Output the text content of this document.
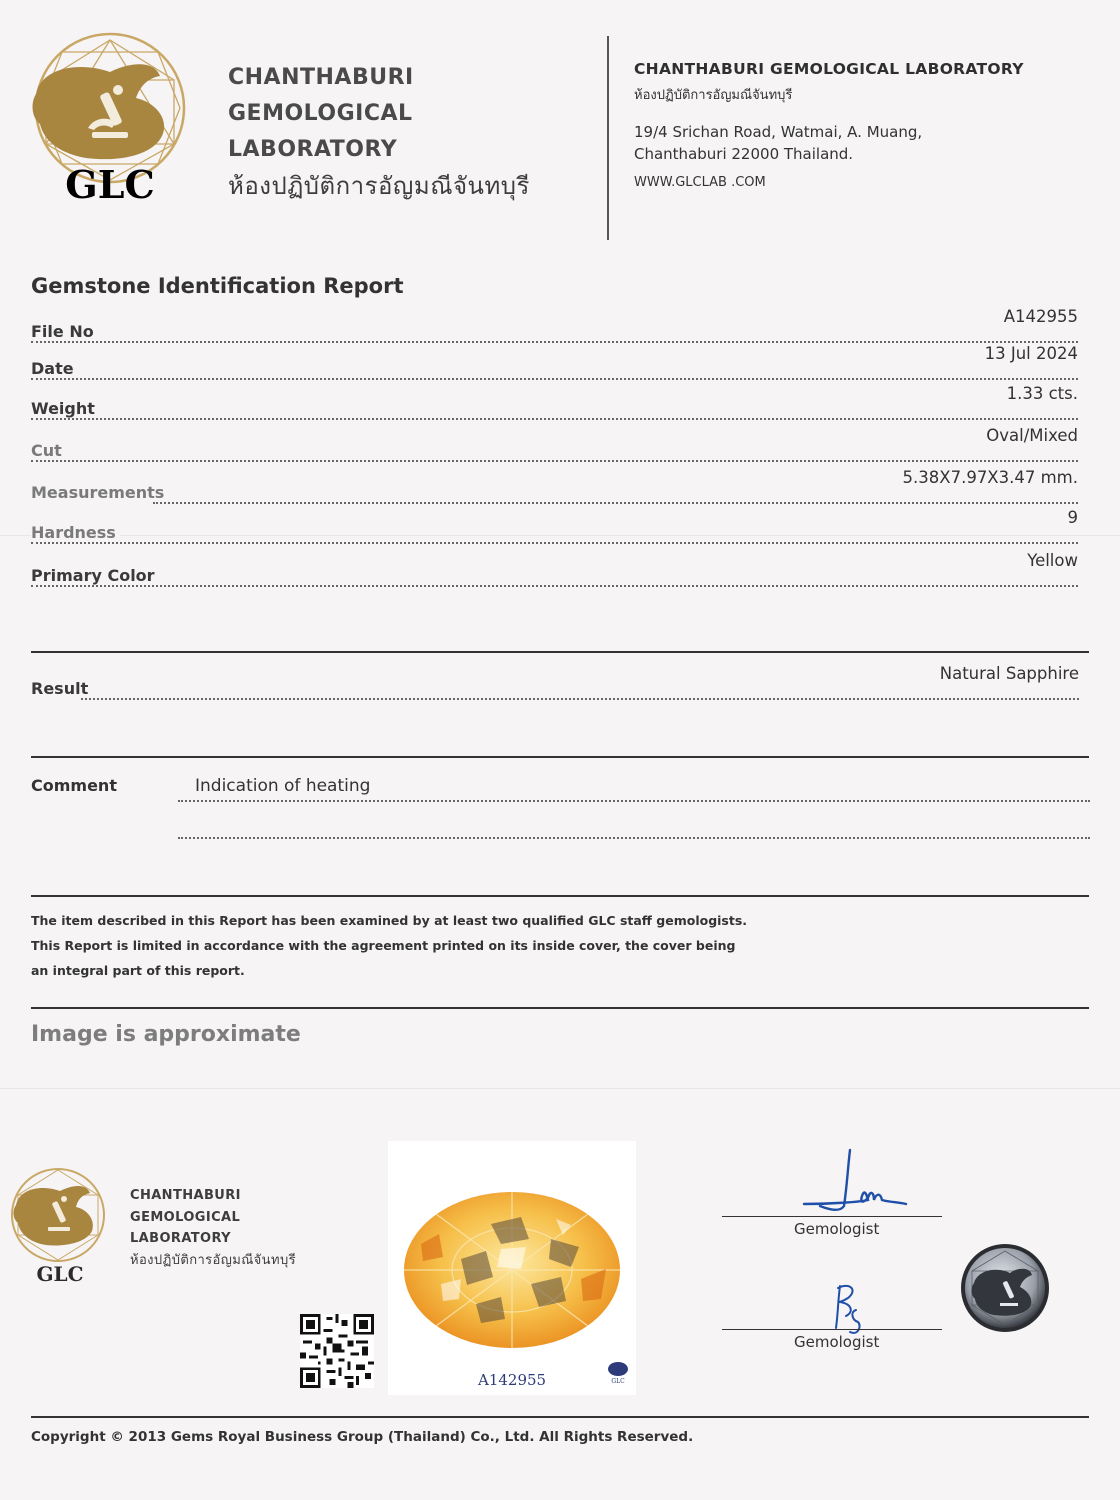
GLC
CHANTHABURI
GEMOLOGICAL
LABORATORY
ห้องปฏิบัติการอัญมณีจันทบุรี
CHANTHABURI GEMOLOGICAL LABORATORY
ห้องปฏิบัติการอัญมณีจันทบุรี
19/4 Srichan Road, Watmai, A. Muang,
Chanthaburi 22000 Thailand.
WWW.GLCLAB .COM
Gemstone Identification Report
File No
A142955
Date
13 Jul 2024
Weight
1.33 cts.
Cut
Oval/Mixed
Measurements
5.38X7.97X3.47 mm.
Hardness
9
Primary Color
Yellow
Result
Natural Sapphire
Comment	Indication of heating
The item described in this Report has been examined by at least two qualified GLC staff gemologists.
This Report is limited in accordance with the agreement printed on its inside cover, the cover being
an integral part of this report.
Image is approximate
GLC
CHANTHABURI
GEMOLOGICAL
LABORATORY
ห้องปฏิบัติการอัญมณีจันทบุรี
GLC
A142955
Gemologist
Gemologist
Copyright © 2013 Gems Royal Business Group (Thailand) Co., Ltd. All Rights Reserved.
